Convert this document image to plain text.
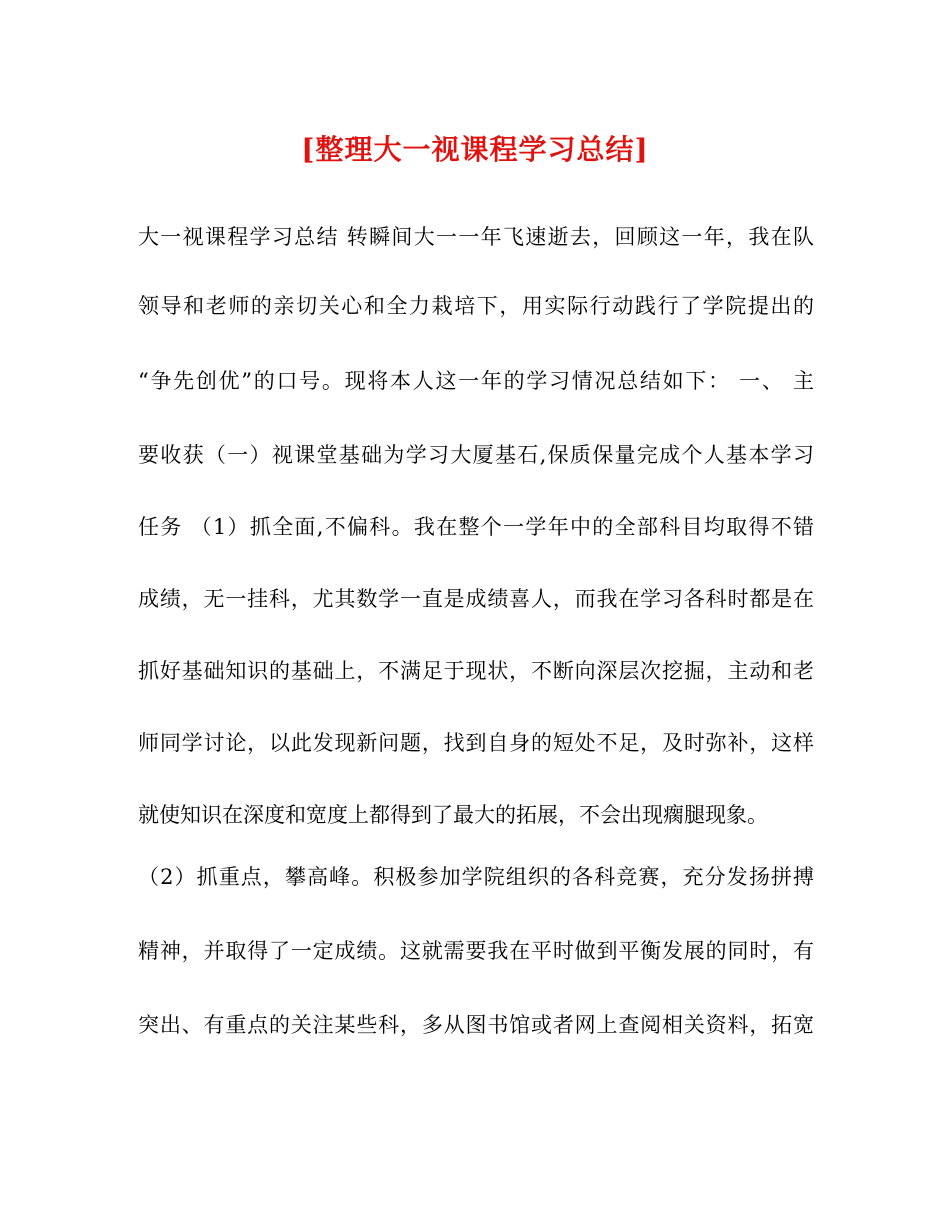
[整理大一视课程学习总结]
大一视课程学习总结 转瞬间大一一年飞速逝去，回顾这一年，我在队
领导和老师的亲切关心和全力栽培下，用实际行动践行了学院提出的
“争先创优”的口号。现将本人这一年的学习情况总结如下： 一、 主
要收获（一）视课堂基础为学习大厦基石,保质保量完成个人基本学习
任务 （1）抓全面,不偏科。我在整个一学年中的全部科目均取得不错
成绩，无一挂科，尤其数学一直是成绩喜人，而我在学习各科时都是在
抓好基础知识的基础上，不满足于现状，不断向深层次挖掘，主动和老
师同学讨论，以此发现新问题，找到自身的短处不足，及时弥补，这样
就使知识在深度和宽度上都得到了最大的拓展，不会出现瘸腿现象。
（2）抓重点，攀高峰。积极参加学院组织的各科竞赛，充分发扬拼搏
精神，并取得了一定成绩。这就需要我在平时做到平衡发展的同时，有
突出、有重点的关注某些科，多从图书馆或者网上查阅相关资料，拓宽
